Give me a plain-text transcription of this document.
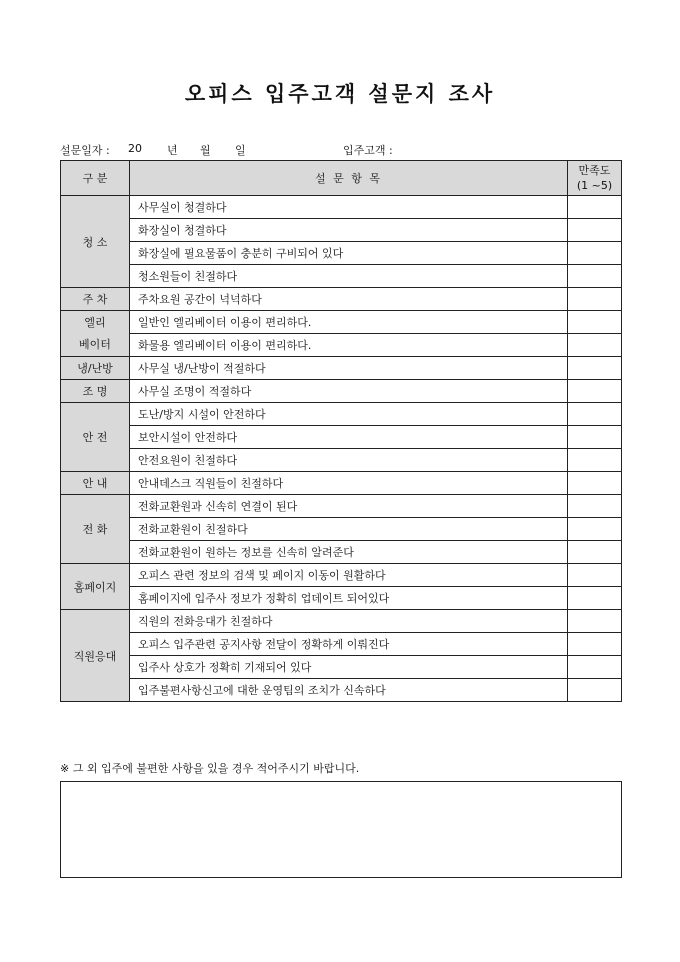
오피스 입주고객 설문지 조사
설문일자 : 20 년 월 일	입주고객 :
구 분	설 문 항 목	만족도
(1 ~5)

청 소	사무실이 청결하다	
	화장실이 청결하다	
	화장실에 필요물품이 충분히 구비되어 있다	
	청소원들이 친절하다	
주 차	주차요원 공간이 넉넉하다	
엘리 베이터	일반인 엘리베이터 이용이 편리하다.	
	화물용 엘리베이터 이용이 편리하다.	
냉/난방	사무실 냉/난방이 적절하다	
조 명	사무실 조명이 적절하다	
안 전	도난/방지 시설이 안전하다	
	보안시설이 안전하다	
	안전요원이 친절하다	
안 내	안내데스크 직원들이 친절하다	
전 화	전화교환원과 신속히 연결이 된다	
	전화교환원이 친절하다	
	전화교환원이 원하는 정보를 신속히 알려준다	
홈페이지	오피스 관련 정보의 검색 및 페이지 이동이 원활하다	
	홈페이지에 입주사 정보가 정확히 업데이트 되어있다	
직원응대	직원의 전화응대가 친절하다	
	오피스 입주관련 공지사항 전달이 정확하게 이뤄진다	
	입주사 상호가 정확히 기재되어 있다	
	입주불편사항신고에 대한 운영팀의 조치가 신속하다	
※ 그 외 입주에 불편한 사항을 있을 경우 적어주시기 바랍니다.
